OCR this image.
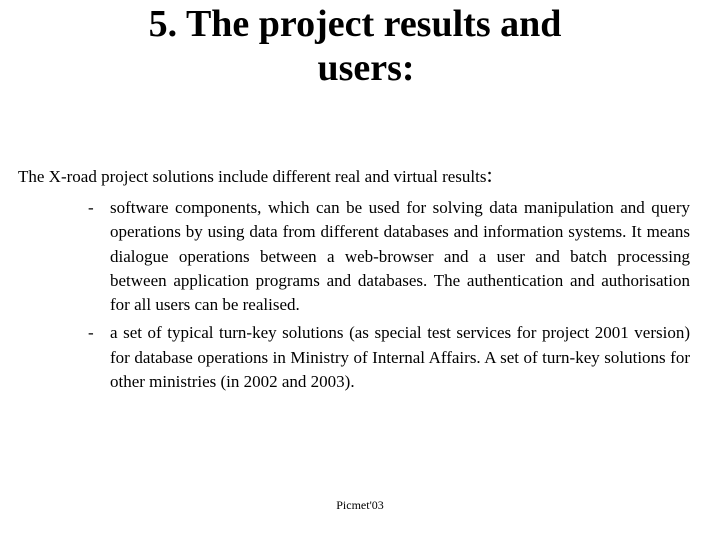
5. The project results and
users:

The X-road project solutions include different real and virtual results:

- software components, which can be used for solving data manipulation and query operations by using data from different databases and information systems. It means dialogue operations between a web-browser and a user and batch processing between application programs and databases. The authentication and authorisation for all users can be realised.
- a set of typical turn-key solutions (as special test services for project 2001 version) for database operations in Ministry of Internal Affairs. A set of turn-key solutions for other ministries (in 2002 and 2003).
Picmet'03
